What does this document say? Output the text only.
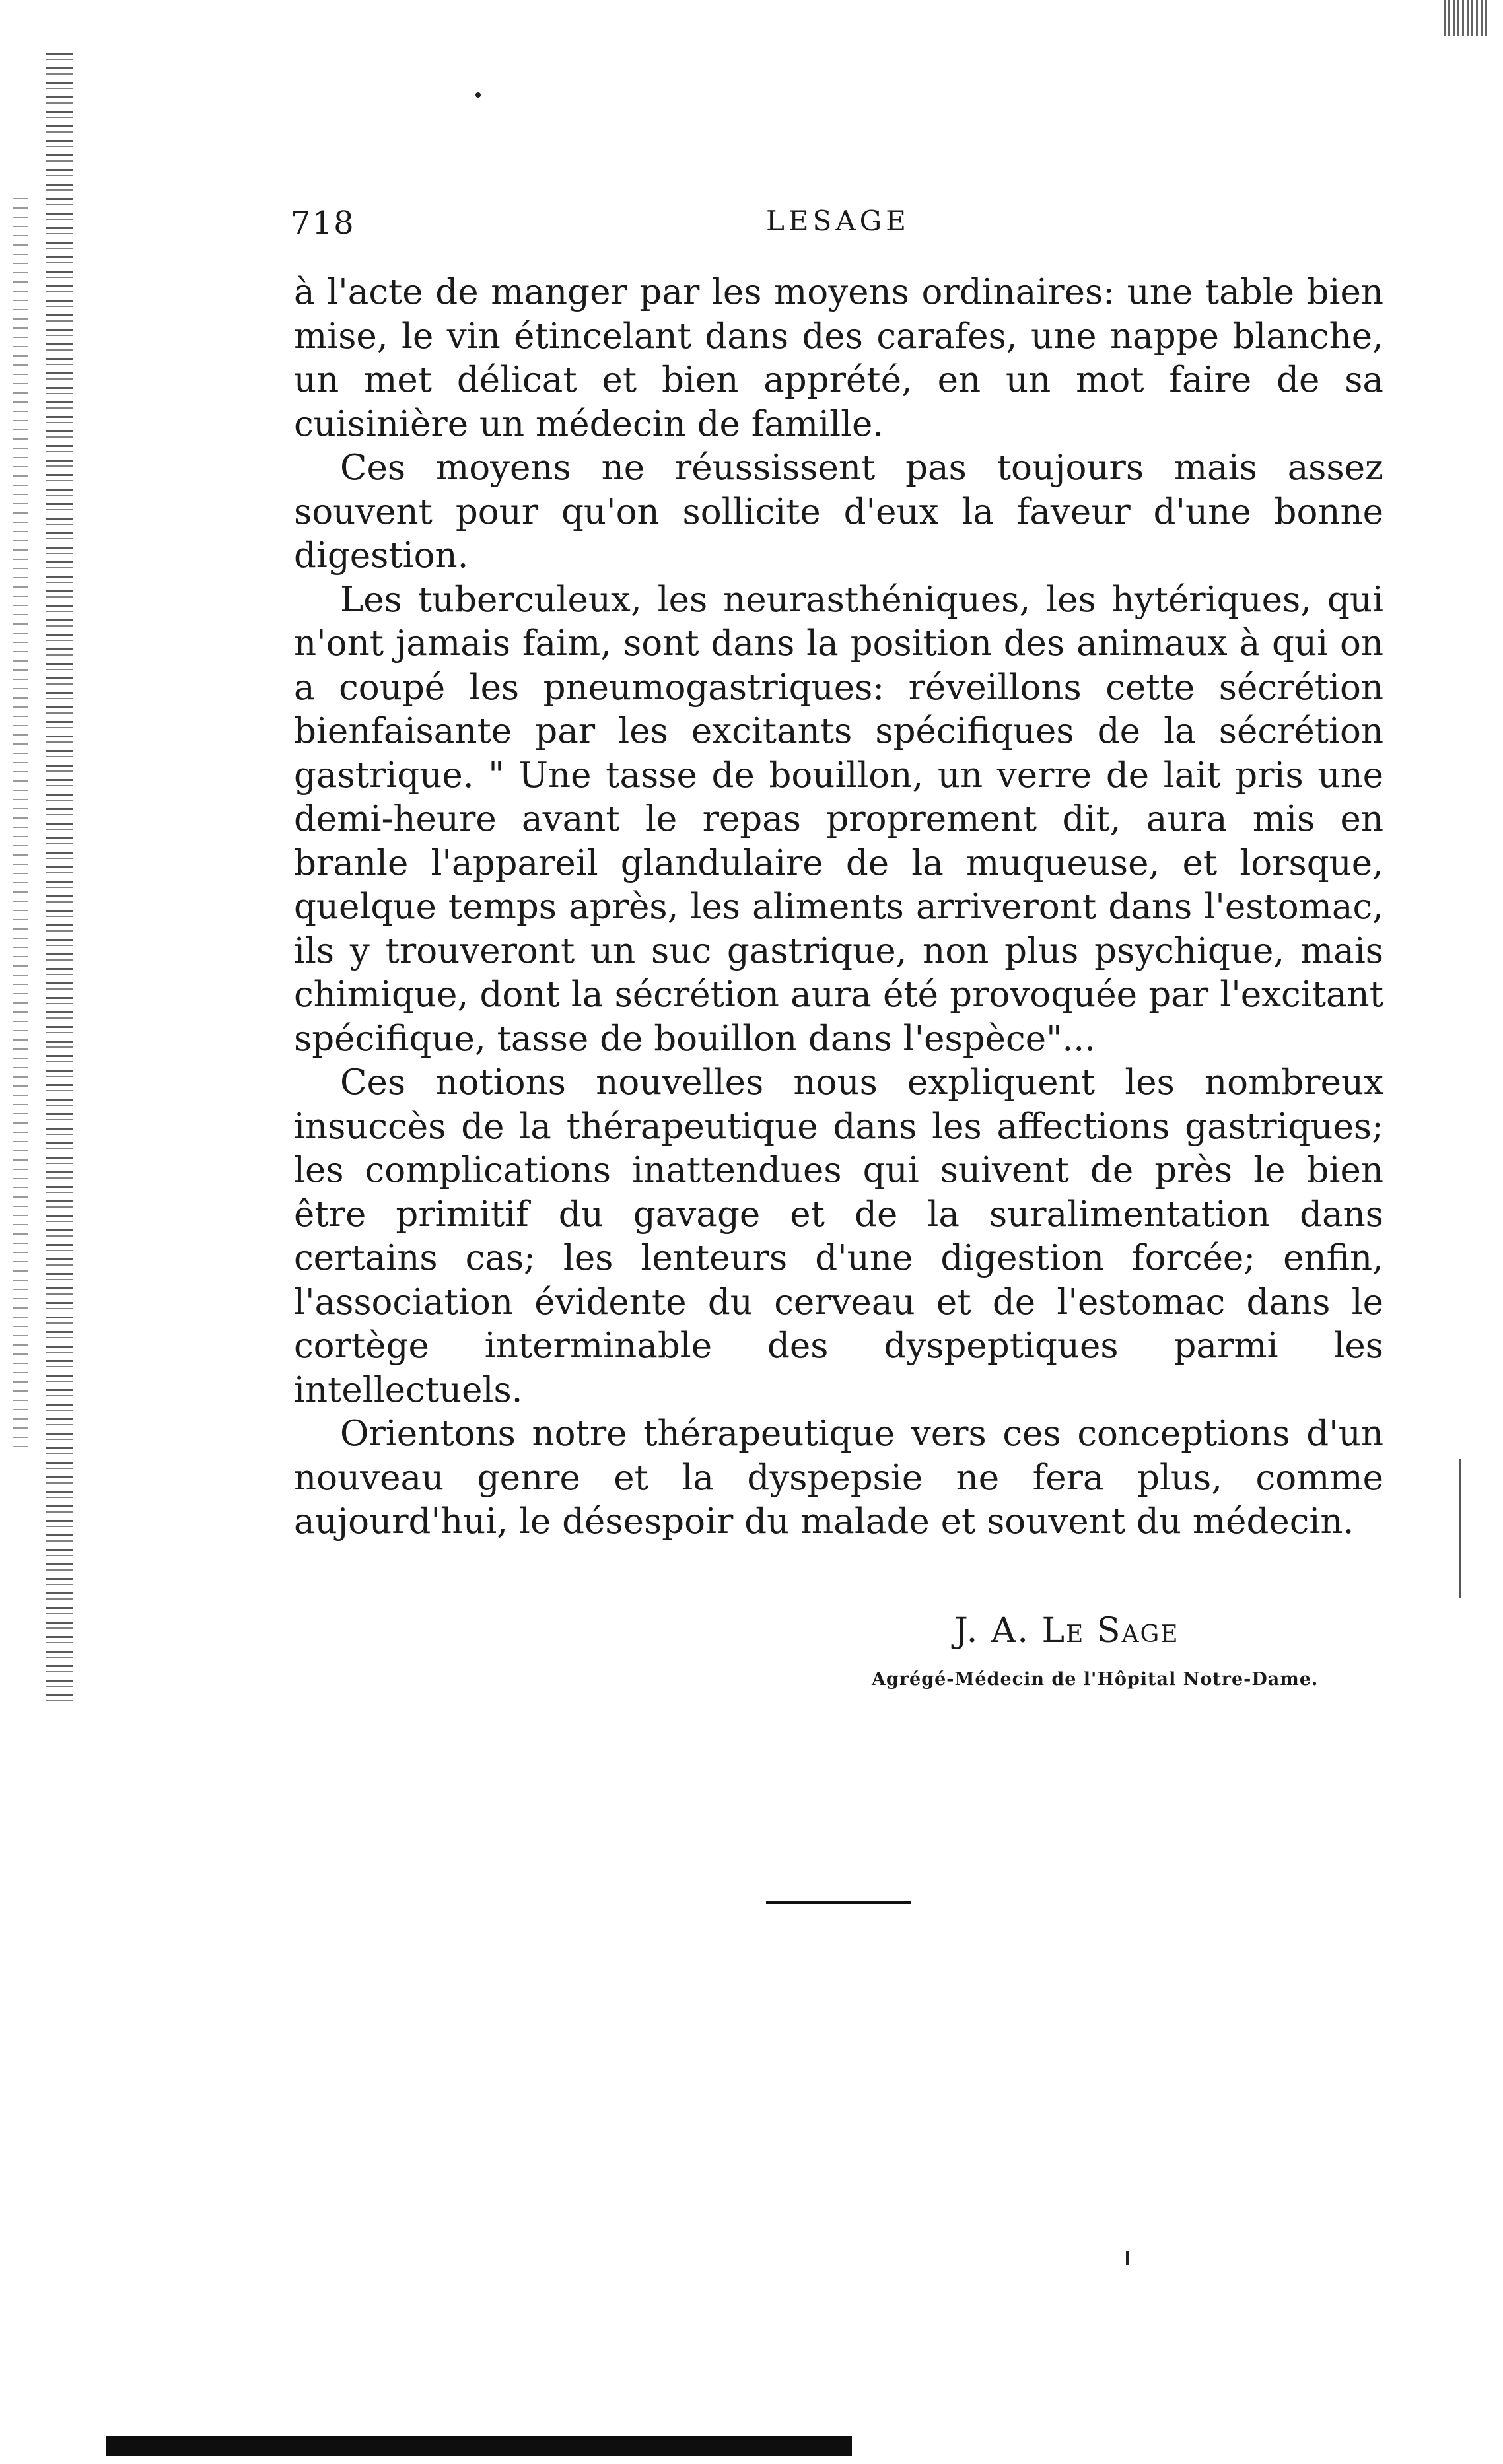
718	LESAGE

à l'acte de manger par les moyens ordinaires: une table bien mise, le vin étincelant dans des carafes, une nappe blanche, un met délicat et bien apprété, en un mot faire de sa cuisinière un médecin de famille.

Ces moyens ne réussissent pas toujours mais assez souvent pour qu'on sollicite d'eux la faveur d'une bonne digestion.

Les tuberculeux, les neurasthéniques, les hytériques, qui n'ont jamais faim, sont dans la position des animaux à qui on a coupé les pneumogastriques: réveillons cette sécrétion bienfaisante par les excitants spécifiques de la sécrétion gastrique. " Une tasse de bouillon, un verre de lait pris une demi-heure avant le repas proprement dit, aura mis en branle l'appareil glandulaire de la muqueuse, et lorsque, quelque temps après, les aliments arriveront dans l'estomac, ils y trouveront un suc gastrique, non plus psychique, mais chimique, dont la sécrétion aura été provoquée par l'excitant spécifique, tasse de bouillon dans l'espèce"...

Ces notions nouvelles nous expliquent les nombreux insuccès de la thérapeutique dans les affections gastriques; les complications inattendues qui suivent de près le bien être primitif du gavage et de la suralimentation dans certains cas; les lenteurs d'une digestion forcée; enfin, l'association évidente du cerveau et de l'estomac dans le cortège interminable des dyspeptiques parmi les intellectuels.

Orientons notre thérapeutique vers ces conceptions d'un nouveau genre et la dyspepsie ne fera plus, comme aujourd'hui, le désespoir du malade et souvent du médecin.

J. A. Le Sage
Agrégé-Médecin de l'Hôpital Notre-Dame.
